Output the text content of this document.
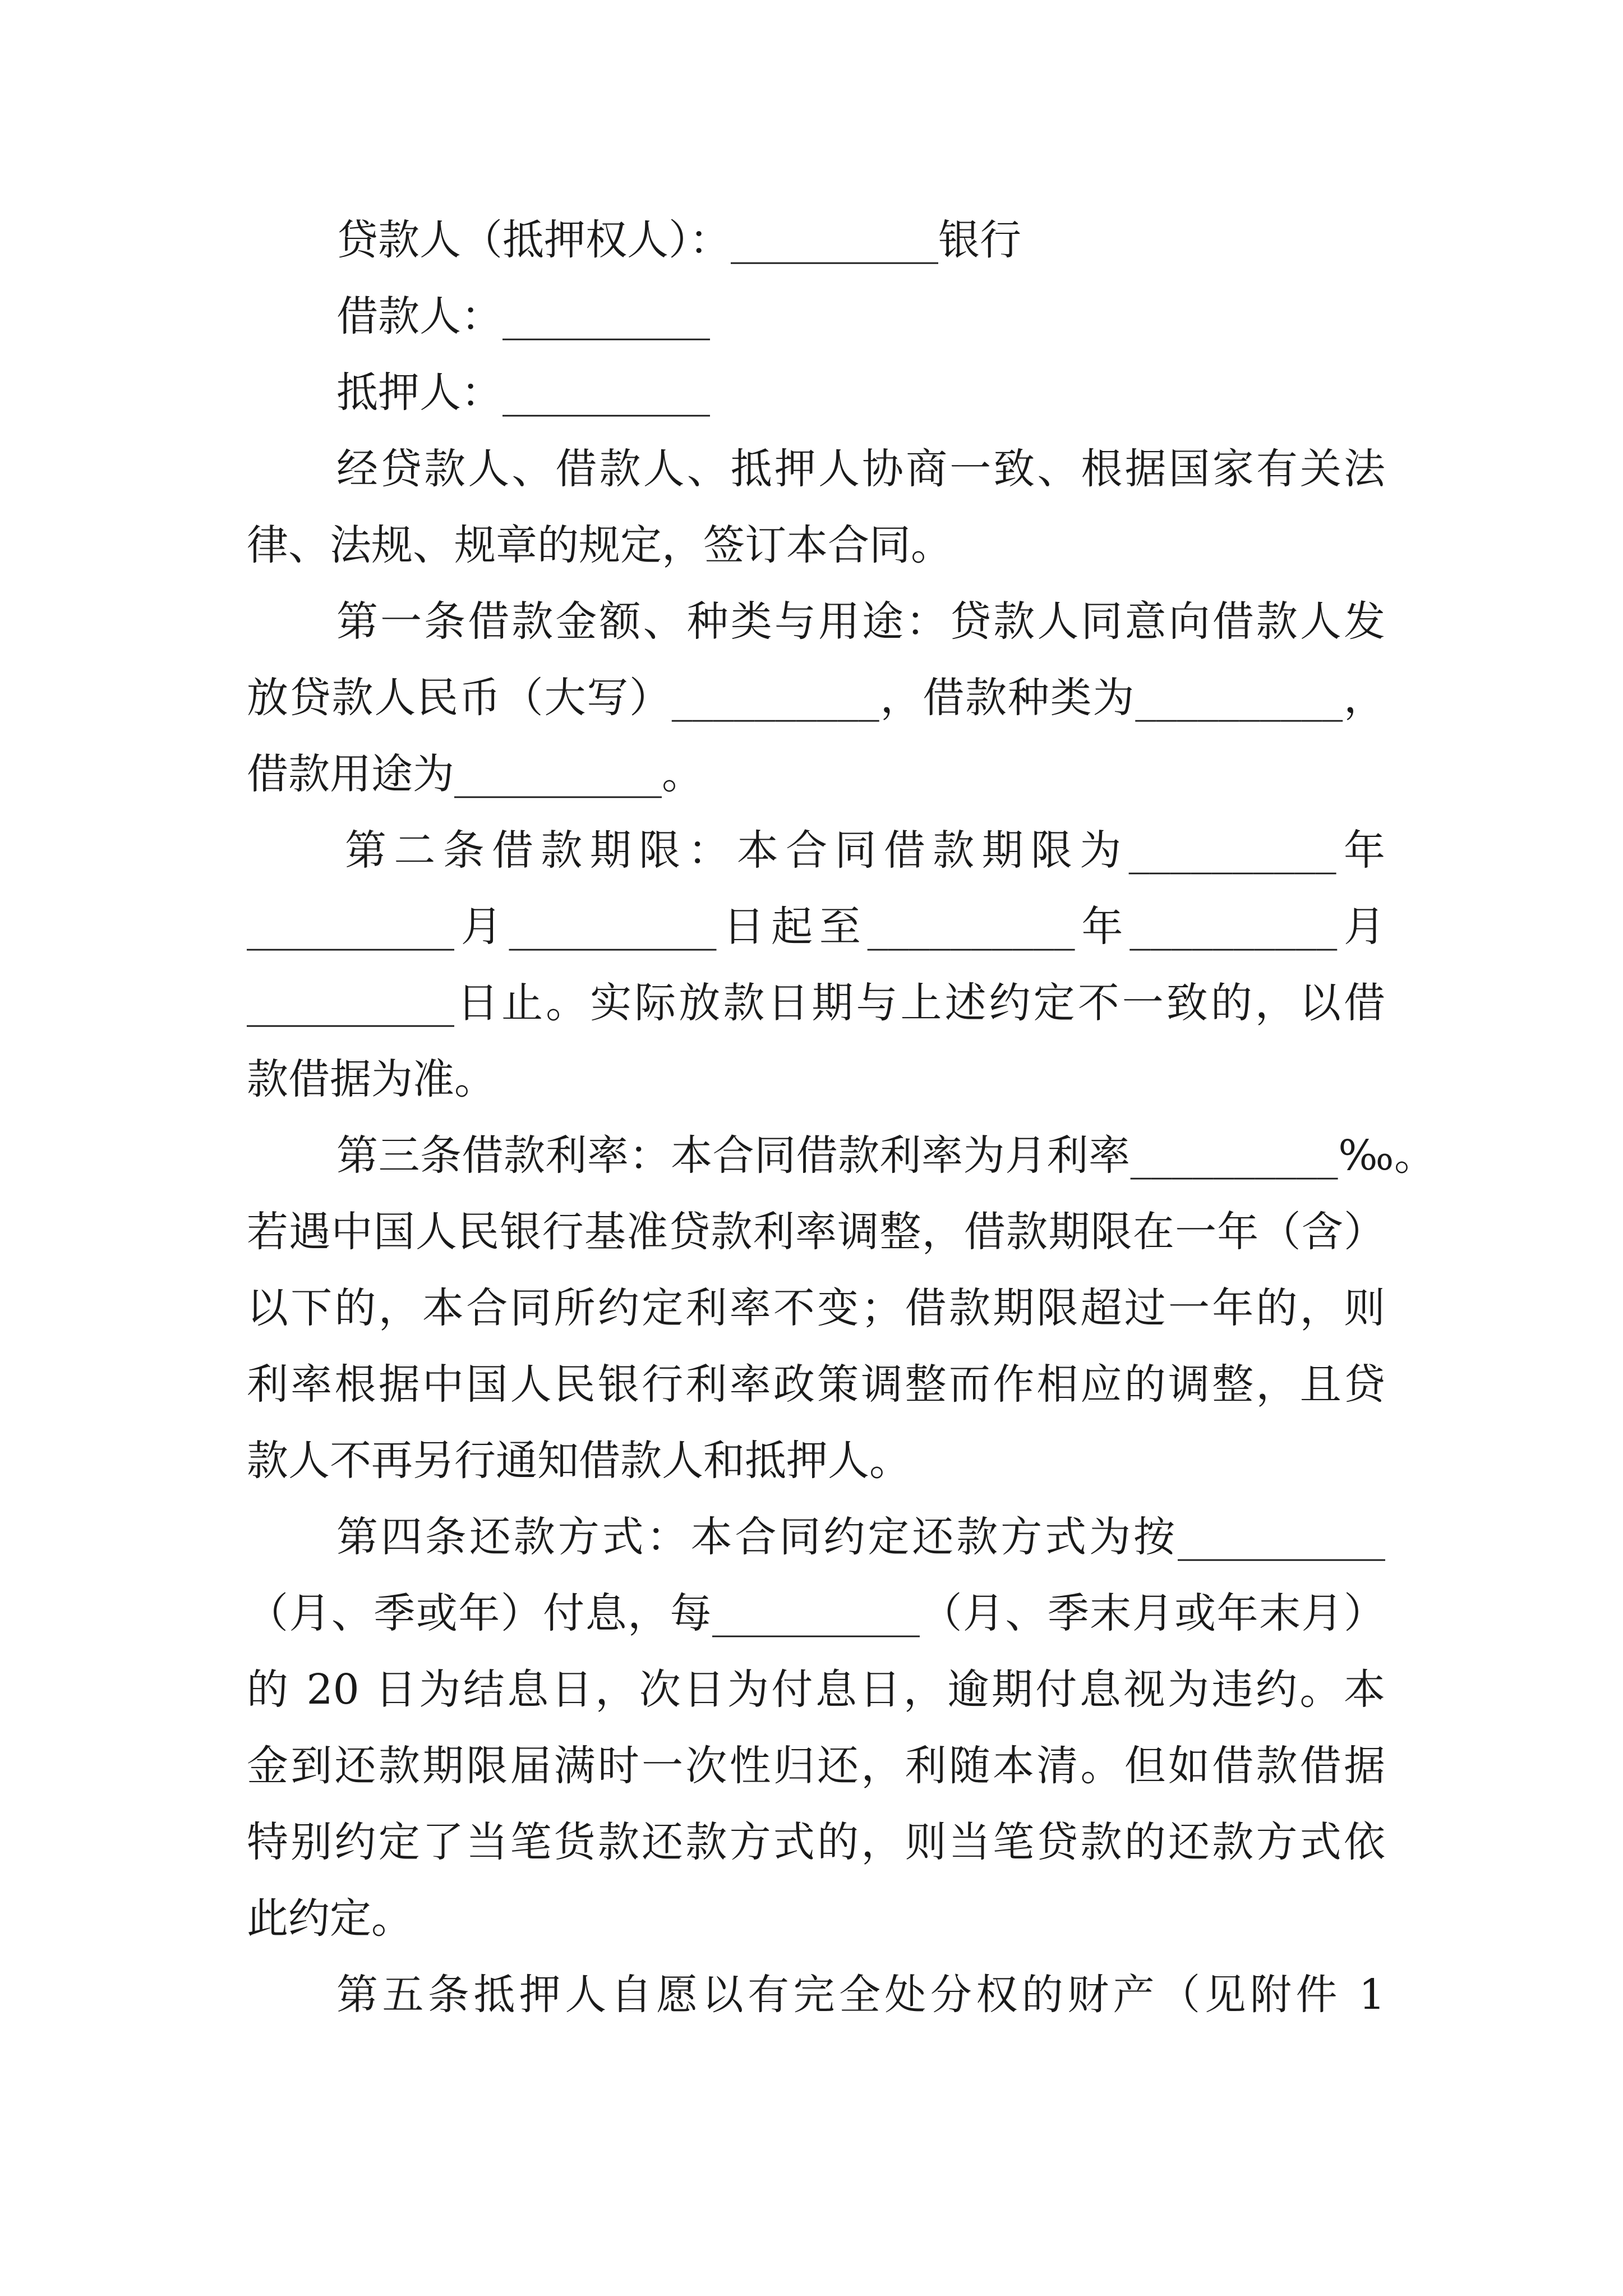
贷款人（抵押权人）：__________银行
借款人：__________
抵押人：__________
经贷款人、借款人、抵押人协商一致、根据国家有关法
律、法规、规章的规定，签订本合同。
第一条借款金额、种类与用途：贷款人同意向借款人发
放贷款人民币（大写）__________，借款种类为__________，
借款用途为__________。
第二条借款期限：本合同借款期限为__________年
__________月__________日起至__________年__________月
__________日止。实际放款日期与上述约定不一致的，以借
款借据为准。
第三条借款利率：本合同借款利率为月利率__________‰。
若遇中国人民银行基准贷款利率调整，借款期限在一年（含）
以下的，本合同所约定利率不变；借款期限超过一年的，则
利率根据中国人民银行利率政策调整而作相应的调整，且贷
款人不再另行通知借款人和抵押人。
第四条还款方式：本合同约定还款方式为按__________
（月、季或年）付息，每__________（月、季末月或年末月）
的 20 日为结息日，次日为付息日，逾期付息视为违约。本
金到还款期限届满时一次性归还，利随本清。但如借款借据
特别约定了当笔货款还款方式的，则当笔贷款的还款方式依
此约定。
第五条抵押人自愿以有完全处分权的财产（见附件 1
